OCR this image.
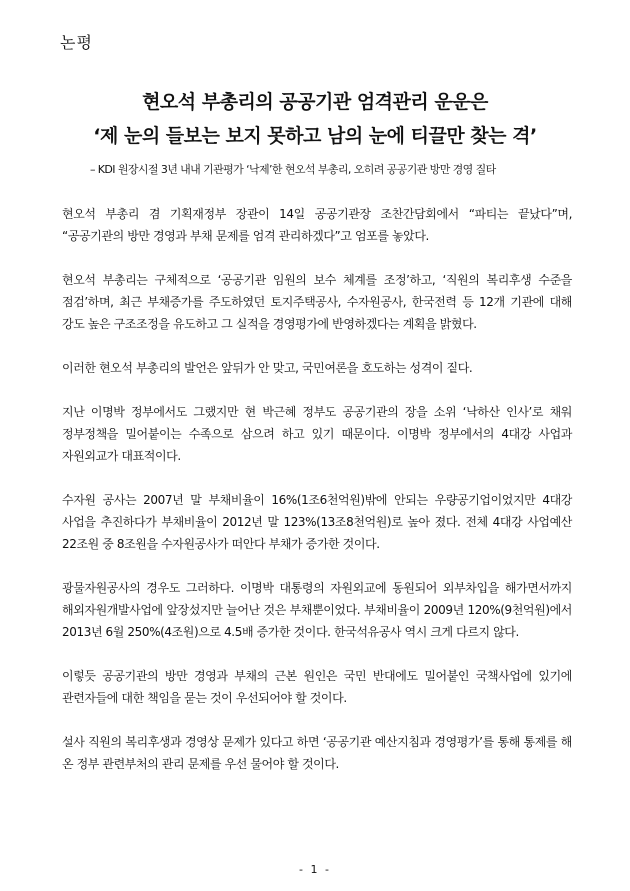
논평
현오석 부총리의 공공기관 엄격관리 운운은
‘제 눈의 들보는 보지 못하고 남의 눈에 티끌만 찾는 격’
– KDI 원장시절 3년 내내 기관평가 ‘낙제’한 현오석 부총리, 오히려 공공기관 방만 경영 질타

현오석 부총리 겸 기획재정부 장관이 14일 공공기관장 조찬간담회에서 “파티는 끝났다”며, “공공기관의 방만 경영과 부채 문제를 엄격 관리하겠다”고 엄포를 놓았다.

현오석 부총리는 구체적으로 ‘공공기관 임원의 보수 체계를 조정’하고, ‘직원의 복리후생 수준을 점검’하며, 최근 부채증가를 주도하였던 토지주택공사, 수자원공사, 한국전력 등 12개 기관에 대해 강도 높은 구조조정을 유도하고 그 실적을 경영평가에 반영하겠다는 계획을 밝혔다.

이러한 현오석 부총리의 발언은 앞뒤가 안 맞고, 국민여론을 호도하는 성격이 짙다.

지난 이명박 정부에서도 그랬지만 현 박근혜 정부도 공공기관의 장을 소위 ‘낙하산 인사’로 채워 정부정책을 밀어붙이는 수족으로 삼으려 하고 있기 때문이다. 이명박 정부에서의 4대강 사업과 자원외교가 대표적이다.

수자원 공사는 2007년 말 부채비율이 16%(1조6천억원)밖에 안되는 우량공기업이었지만 4대강 사업을 추진하다가 부채비율이 2012년 말 123%(13조8천억원)로 높아 졌다. 전체 4대강 사업예산 22조원 중 8조원을 수자원공사가 떠안다 부채가 증가한 것이다.

광물자원공사의 경우도 그러하다. 이명박 대통령의 자원외교에 동원되어 외부차입을 해가면서까지 해외자원개발사업에 앞장섰지만 늘어난 것은 부채뿐이었다. 부채비율이 2009년 120%(9천억원)에서 2013년 6월 250%(4조원)으로 4.5배 증가한 것이다. 한국석유공사 역시 크게 다르지 않다.

이렇듯 공공기관의 방만 경영과 부채의 근본 원인은 국민 반대에도 밀어붙인 국책사업에 있기에 관련자들에 대한 책임을 묻는 것이 우선되어야 할 것이다.

설사 직원의 복리후생과 경영상 문제가 있다고 하면 ‘공공기관 예산지침과 경영평가’를 통해 통제를 해 온 정부 관련부처의 관리 문제를 우선 물어야 할 것이다.

- 1 -
